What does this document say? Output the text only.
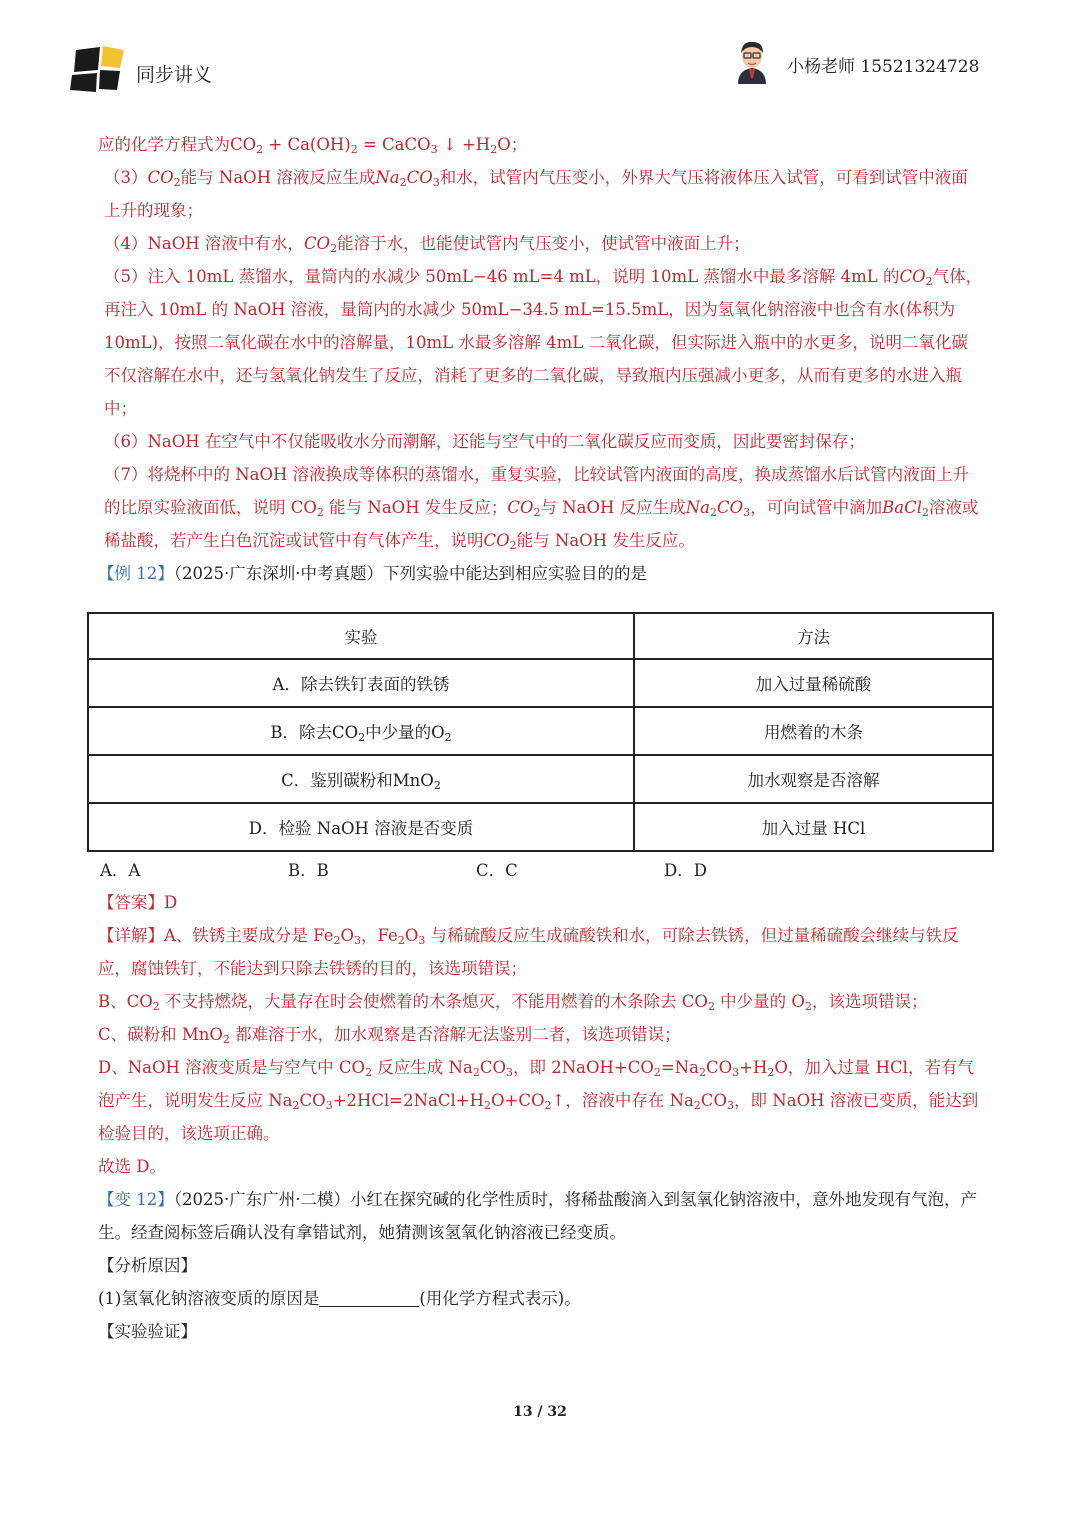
同步讲义	小杨老师 15521324728

应的化学方程式为$CO_2 + Ca(OH)_2$ = CaCO$_3$ ↓ $+H_2O$；

$(3)CO_2$能与 NaOH 溶液反应生成$Na_2CO_3$和水，试管内气压变小，外界大气压将液体压入试管，可看到试管中液面上升的现象；

（4）NaOH 溶液中有水，$CO_2$能溶于水，也能使试管内气压变小，使试管中液面上升；

（5）注入 10mL 蒸馏水，量筒内的水减少 50mL−46 mL=4 mL，说明 10mL 蒸馏水中最多溶解 4mL 的$CO_2$气体，再注入 10mL 的 NaOH 溶液，量筒内的水减少 50mL−34.5 mL=15.5mL，因为氢氧化钠溶液中也含有水(体积为 10mL)，按照二氧化碳在水中的溶解量，10mL 水最多溶解 4mL 二氧化碳，但实际进入瓶中的水更多，说明二氧化碳不仅溶解在水中，还与氢氧化钠发生了反应，消耗了更多的二氧化碳，导致瓶内压强减小更多，从而有更多的水进入瓶中；

（6）NaOH 在空气中不仅能吸收水分而潮解，还能与空气中的二氧化碳反应而变质，因此要密封保存；

（7）将烧杯中的 NaOH 溶液换成等体积的蒸馏水，重复实验，比较试管内液面的高度，换成蒸馏水后试管内液面上升的比原实验液面低，说明 $CO_2$ 能与 NaOH 发生反应；$CO_2$与 NaOH 反应生成$Na_2CO_3$，可向试管中滴加BaCl$_2$溶液或稀盐酸，若产生白色沉淀或试管中有气体产生，说明$CO_2$能与 NaOH 发生反应。

【例 12】（2025·广东深圳·中考真题）下列实验中能达到相应实验目的的是

实验	方法
A．除去铁钉表面的铁锈	加入过量稀硫酸
B．除去$CO_2$中少量的$O_2$	用燃着的木条
C．鉴别碳粉和MnO$_2$	加水观察是否溶解
D．检验 NaOH 溶液是否变质	加入过量 HCl
A．A	B．B	C．C	D．D

【答案】D

【详解】A、铁锈主要成分是 $Fe_2O_3$，$Fe_2O_3$ 与稀硫酸反应生成硫酸铁和水，可除去铁锈，但过量稀硫酸会继续与铁反应，腐蚀铁钉，不能达到只除去铁锈的目的，该选项错误；

B、$CO_2$ 不支持燃烧，大量存在时会使燃着的木条熄灭，不能用燃着的木条除去 $CO_2$ 中少量的 $O_2$，该选项错误；

C、碳粉和 MnO$_2$ 都难溶于水，加水观察是否溶解无法鉴别二者，该选项错误；

D、NaOH 溶液变质是与空气中 $CO_2$ 反应生成 $Na_2CO_3$，即 $2NaOH+CO_2=Na_2CO_3+H_2O$，加入过量 HCl，若有气泡产生，说明发生反应 $Na_2CO_3+2HCl=2NaCl+H_2O+CO_2↑$，溶液中存在 $Na_2CO_3$，即 NaOH 溶液已变质，能达到检验目的，该选项正确。

故选 D。

【变 12】（2025·广东广州·二模）小红在探究碱的化学性质时，将稀盐酸滴入到氢氧化钠溶液中，意外地发现有气泡，产生。经查阅标签后确认没有拿错试剂，她猜测该氢氧化钠溶液已经变质。

【分析原因】

(1)氢氧化钠溶液变质的原因是	(用化学方程式表示)。

【实验验证】

13 / 32
